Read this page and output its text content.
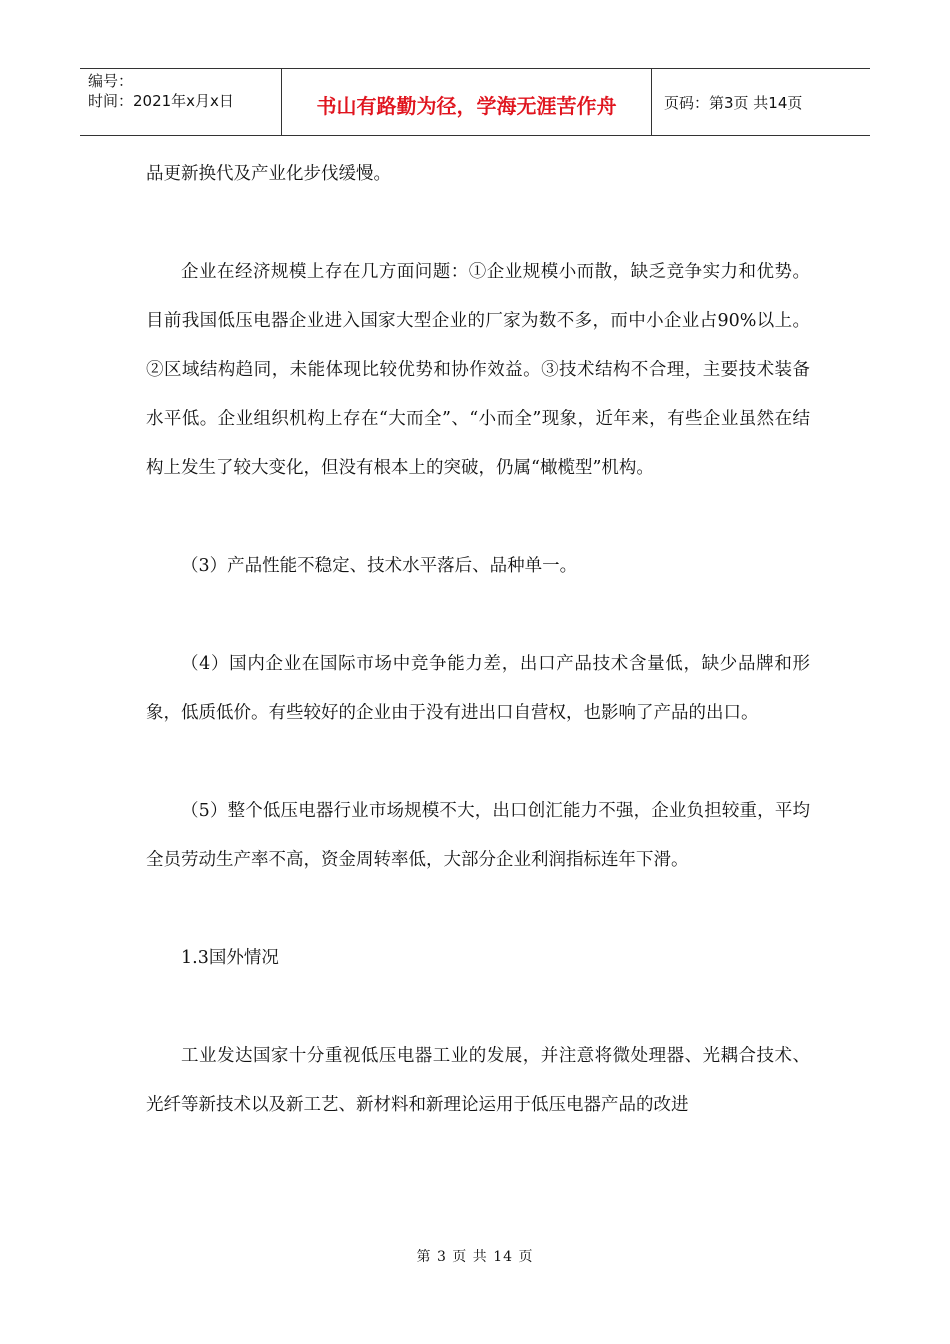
编号：
时间：2021年x月x日	书山有路勤为径，学海无涯苦作舟	页码：第3页 共14页

品更新换代及产业化步伐缓慢。

企业在经济规模上存在几方面问题：①企业规模小而散，缺乏竞争实力和优势。目前我国低压电器企业进入国家大型企业的厂家为数不多，而中小企业占90%以上。②区域结构趋同，未能体现比较优势和协作效益。③技术结构不合理，主要技术装备水平低。企业组织机构上存在“大而全”、“小而全”现象，近年来，有些企业虽然在结构上发生了较大变化，但没有根本上的突破，仍属“橄榄型”机构。

（3）产品性能不稳定、技术水平落后、品种单一。

（4）国内企业在国际市场中竞争能力差，出口产品技术含量低，缺少品牌和形象，低质低价。有些较好的企业由于没有进出口自营权，也影响了产品的出口。

（5）整个低压电器行业市场规模不大，出口创汇能力不强，企业负担较重，平均全员劳动生产率不高，资金周转率低，大部分企业利润指标连年下滑。

1.3国外情况

工业发达国家十分重视低压电器工业的发展，并注意将微处理器、光耦合技术、光纤等新技术以及新工艺、新材料和新理论运用于低压电器产品的改进

第 3 页 共 14 页
